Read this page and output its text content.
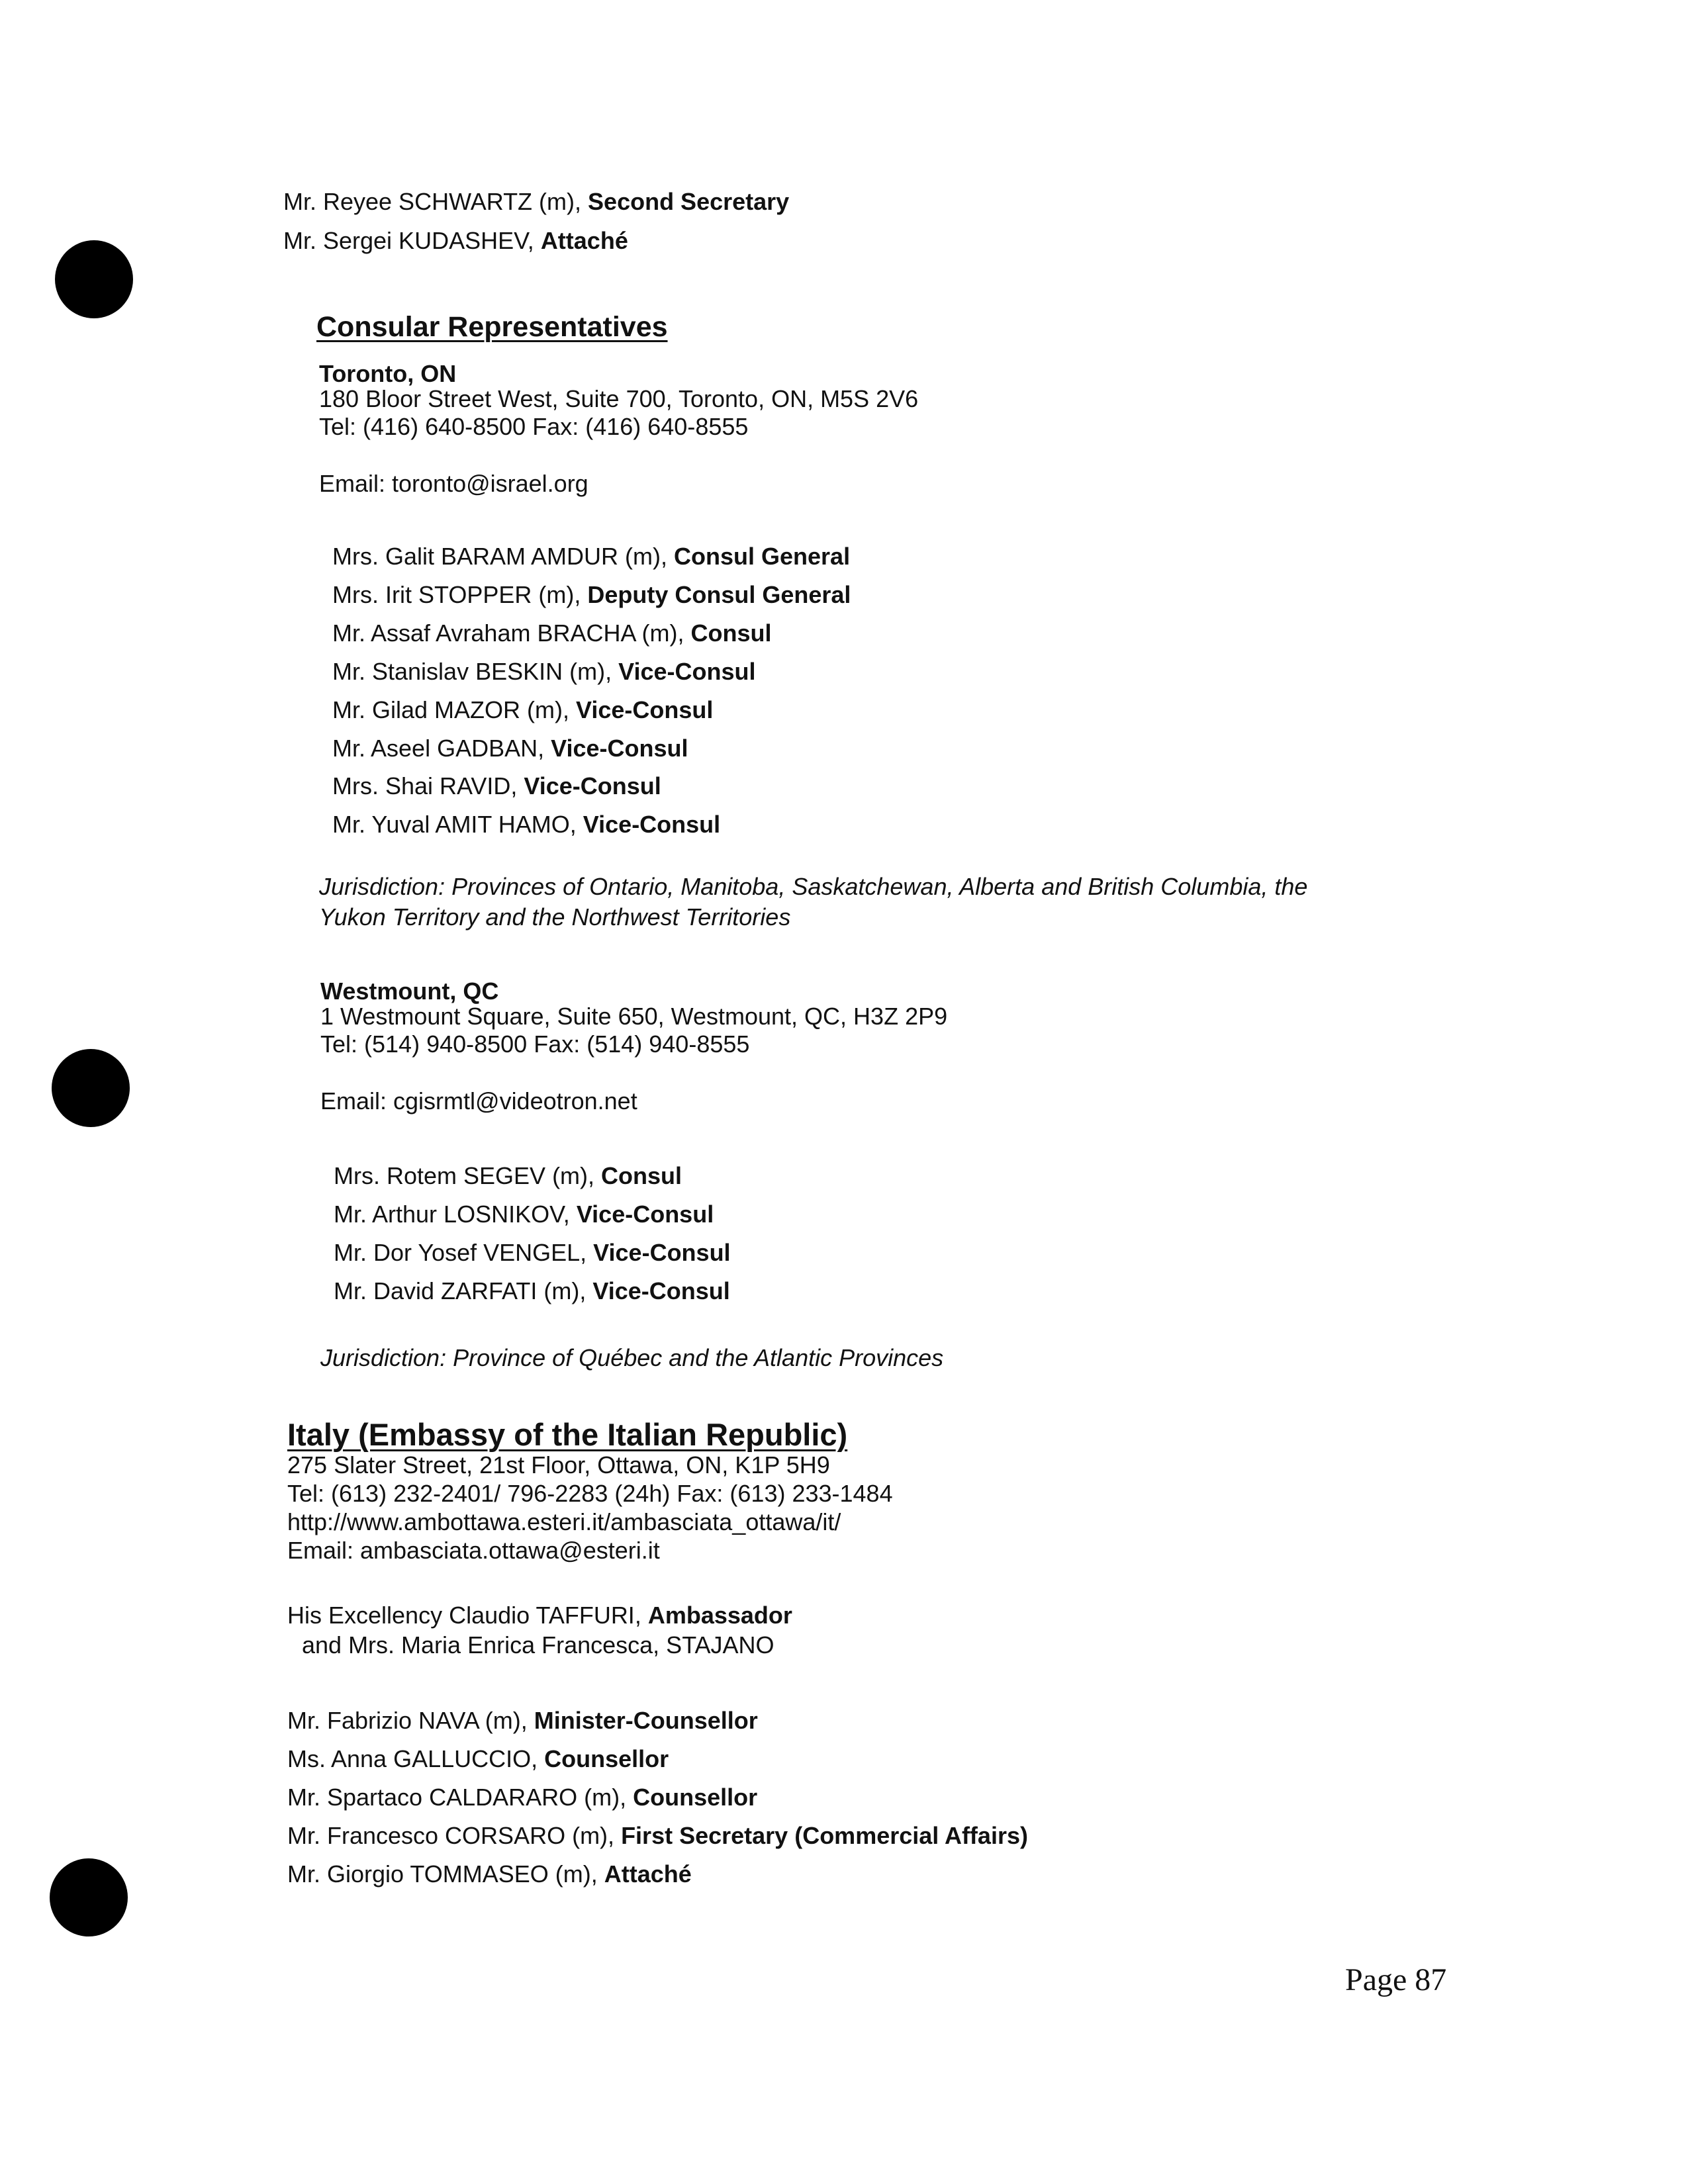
Mr. Reyee SCHWARTZ (m), Second Secretary
Mr. Sergei KUDASHEV, Attaché
Consular Representatives
Toronto, ON
180 Bloor Street West, Suite 700, Toronto, ON, M5S 2V6
Tel: (416) 640-8500 Fax: (416) 640-8555
Email: toronto@israel.org
Mrs. Galit BARAM AMDUR (m), Consul General
Mrs. Irit STOPPER (m), Deputy Consul General
Mr. Assaf Avraham BRACHA (m), Consul
Mr. Stanislav BESKIN (m), Vice-Consul
Mr. Gilad MAZOR (m), Vice-Consul
Mr. Aseel GADBAN, Vice-Consul
Mrs. Shai RAVID, Vice-Consul
Mr. Yuval AMIT HAMO, Vice-Consul
Jurisdiction: Provinces of Ontario, Manitoba, Saskatchewan, Alberta and British Columbia, the
Yukon Territory and the Northwest Territories
Westmount, QC
1 Westmount Square, Suite 650, Westmount, QC, H3Z 2P9
Tel: (514) 940-8500 Fax: (514) 940-8555
Email: cgisrmtl@videotron.net
Mrs. Rotem SEGEV (m), Consul
Mr. Arthur LOSNIKOV, Vice-Consul
Mr. Dor Yosef VENGEL, Vice-Consul
Mr. David ZARFATI (m), Vice-Consul
Jurisdiction: Province of Québec and the Atlantic Provinces
Italy (Embassy of the Italian Republic)
275 Slater Street, 21st Floor, Ottawa, ON, K1P 5H9
Tel: (613) 232-2401/ 796-2283 (24h) Fax: (613) 233-1484
http://www.ambottawa.esteri.it/ambasciata_ottawa/it/
Email: ambasciata.ottawa@esteri.it
His Excellency Claudio TAFFURI, Ambassador
and Mrs. Maria Enrica Francesca, STAJANO
Mr. Fabrizio NAVA (m), Minister-Counsellor
Ms. Anna GALLUCCIO, Counsellor
Mr. Spartaco CALDARARO (m), Counsellor
Mr. Francesco CORSARO (m), First Secretary (Commercial Affairs)
Mr. Giorgio TOMMASEO (m), Attaché
Page 87
